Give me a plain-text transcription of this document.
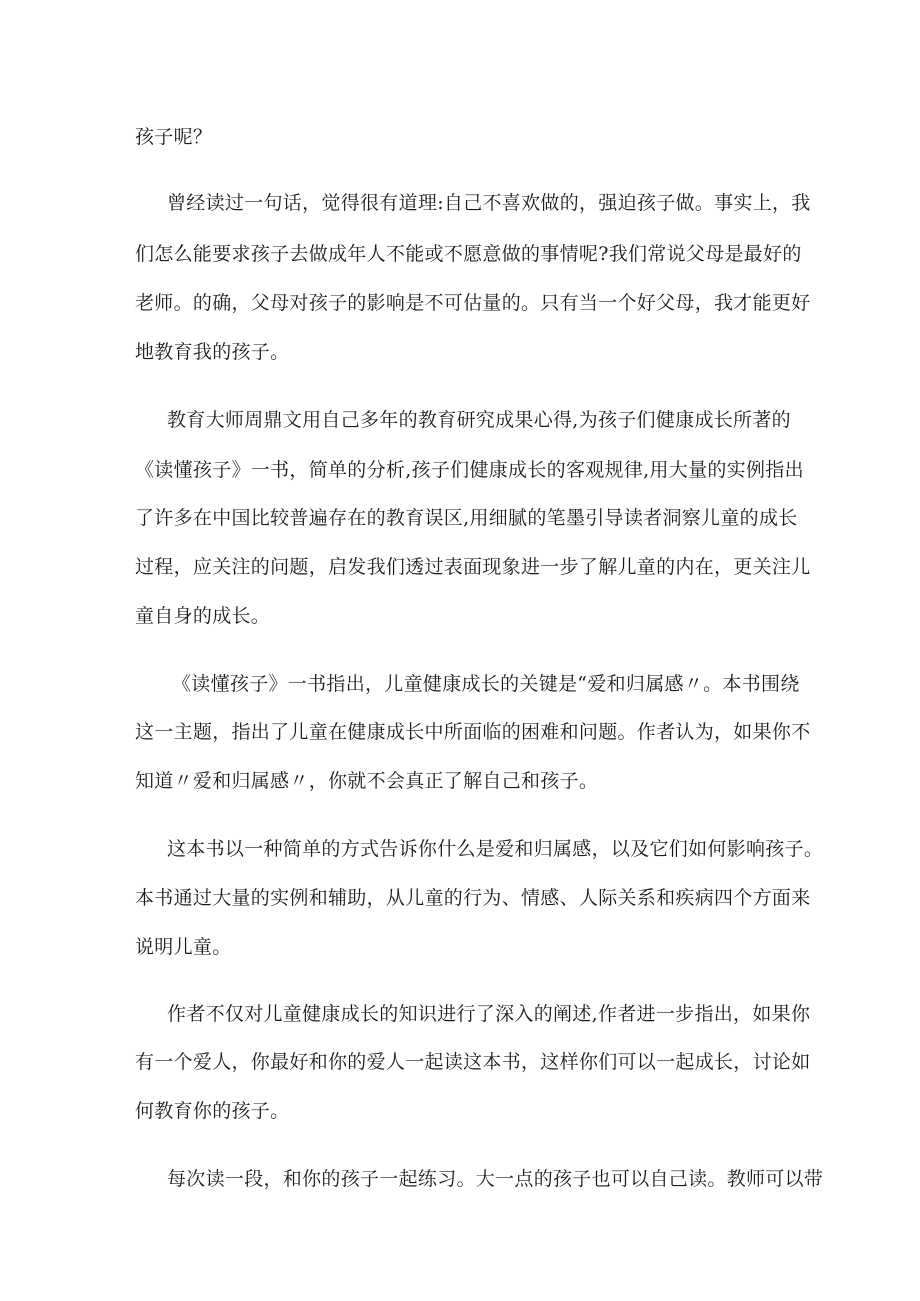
孩子呢？

曾经读过一句话，觉得很有道理:自己不喜欢做的，强迫孩子做。事实上，我

们怎么能要求孩子去做成年人不能或不愿意做的事情呢?我们常说父母是最好的

老师。的确，父母对孩子的影响是不可估量的。只有当一个好父母，我才能更好

地教育我的孩子。

教育大师周鼎文用自己多年的教育研究成果心得,为孩子们健康成长所著的

《读懂孩子》一书，简单的分析,孩子们健康成长的客观规律,用大量的实例指出

了许多在中国比较普遍存在的教育误区,用细腻的笔墨引导读者洞察儿童的成长

过程，应关注的问题，启发我们透过表面现象进一步了解儿童的内在，更关注儿

童自身的成长。

《读懂孩子》一书指出，儿童健康成长的关键是“爱和归属感〃。本书围绕

这一主题，指出了儿童在健康成长中所面临的困难和问题。作者认为，如果你不

知道〃爱和归属感〃，你就不会真正了解自己和孩子。

这本书以一种简单的方式告诉你什么是爱和归属感，以及它们如何影响孩子。

本书通过大量的实例和辅助，从儿童的行为、情感、人际关系和疾病四个方面来

说明儿童。

作者不仅对儿童健康成长的知识进行了深入的阐述,作者进一步指出，如果你

有一个爱人，你最好和你的爱人一起读这本书，这样你们可以一起成长，讨论如

何教育你的孩子。

每次读一段，和你的孩子一起练习。大一点的孩子也可以自己读。教师可以带
